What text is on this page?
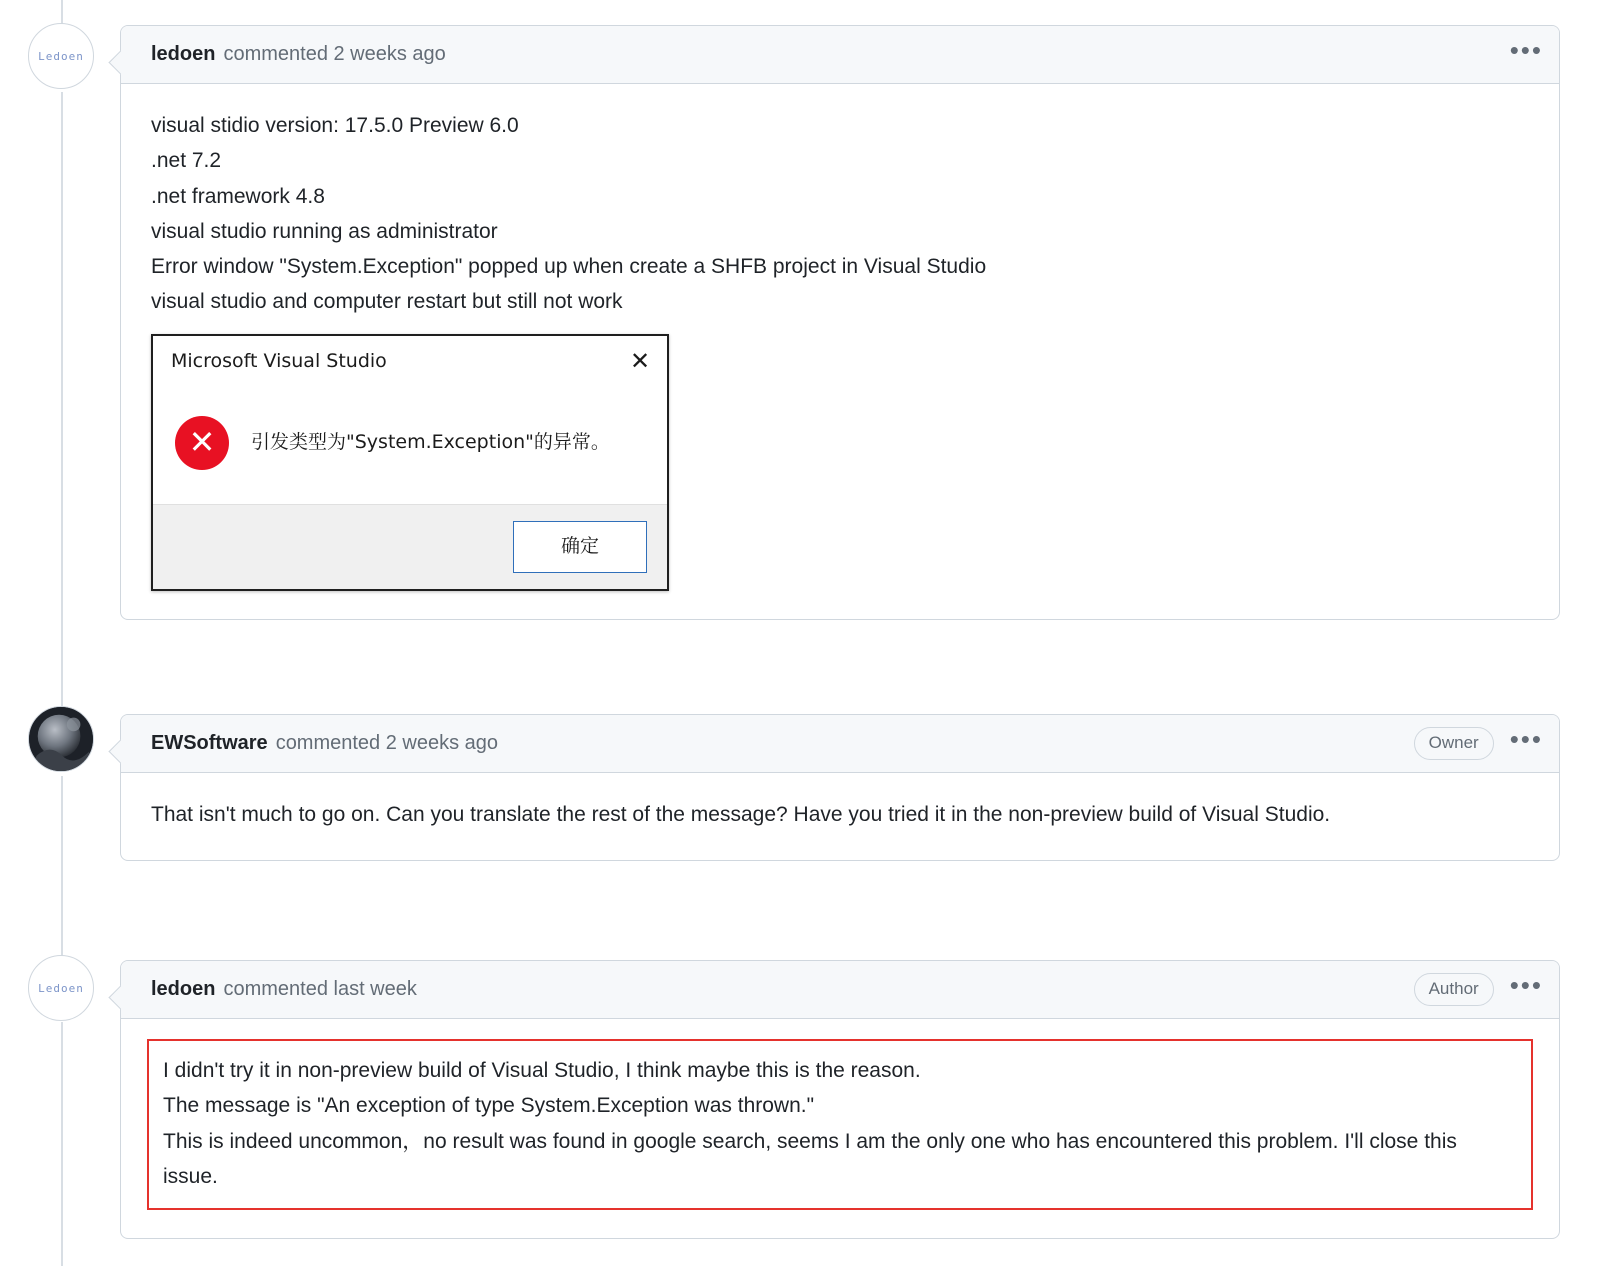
Ledoen	ledoen commented 2 weeks ago	•••

visual stidio version: 17.5.0 Preview 6.0

.net 7.2

.net framework 4.8

visual studio running as administrator

Error window "System.Exception" popped up when create a SHFB project in Visual Studio

visual studio and computer restart but still not work

Microsoft Visual Studio	✕
✕	引发类型为"System.Exception"的异常。
确定
EWSoftware commented 2 weeks ago	Owner	•••

That isn't much to go on. Can you translate the rest of the message? Have you tried it in the non-preview build of Visual Studio.

Ledoen	ledoen commented last week	Author	•••

I didn't try it in non-preview build of Visual Studio, I think maybe this is the reason.

The message is "An exception of type System.Exception was thrown."

This is indeed uncommon，no result was found in google search, seems I am the only one who has encountered this problem. I'll close this issue.
